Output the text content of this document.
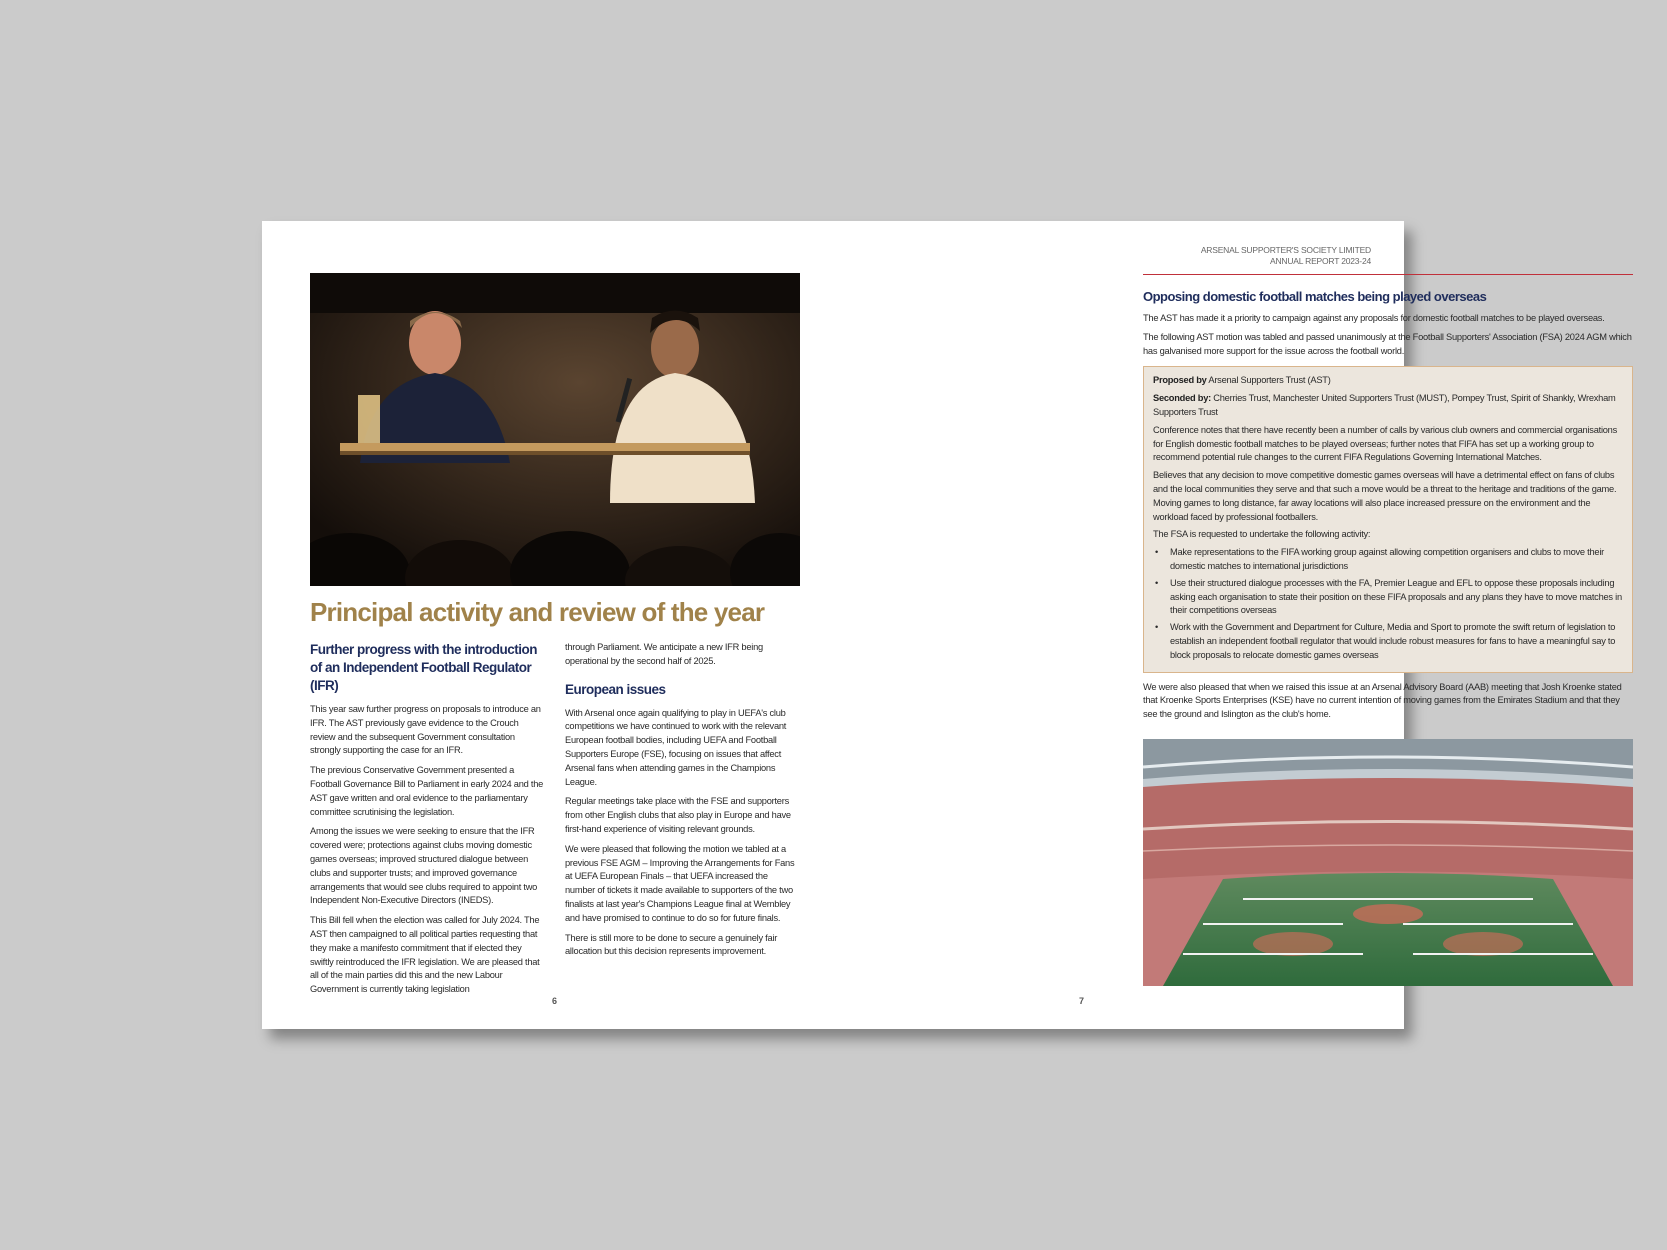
Principal activity and review of the year
Further progress with the introduction of an Independent Football Regulator (IFR)

This year saw further progress on proposals to introduce an IFR. The AST previously gave evidence to the Crouch review and the subsequent Government consultation strongly supporting the case for an IFR.

The previous Conservative Government presented a Football Governance Bill to Parliament in early 2024 and the AST gave written and oral evidence to the parliamentary committee scrutinising the legislation.

Among the issues we were seeking to ensure that the IFR covered were; protections against clubs moving domestic games overseas; improved structured dialogue between clubs and supporter trusts; and improved governance arrangements that would see clubs required to appoint two Independent Non-Executive Directors (INEDS).

This Bill fell when the election was called for July 2024. The AST then campaigned to all political parties requesting that they make a manifesto commitment that if elected they swiftly reintroduced the IFR legislation. We are pleased that all of the main parties did this and the new Labour Government is currently taking legislation

through Parliament. We anticipate a new IFR being operational by the second half of 2025.

European issues

With Arsenal once again qualifying to play in UEFA's club competitions we have continued to work with the relevant European football bodies, including UEFA and Football Supporters Europe (FSE), focusing on issues that affect Arsenal fans when attending games in the Champions League.

Regular meetings take place with the FSE and supporters from other English clubs that also play in Europe and have first-hand experience of visiting relevant grounds.

We were pleased that following the motion we tabled at a previous FSE AGM – Improving the Arrangements for Fans at UEFA European Finals – that UEFA increased the number of tickets it made available to supporters of the two finalists at last year's Champions League final at Wembley and have promised to continue to do so for future finals.

There is still more to be done to secure a genuinely fair allocation but this decision represents improvement.

6
ARSENAL SUPPORTER'S SOCIETY LIMITED
ANNUAL REPORT 2023-24
Opposing domestic football matches being played overseas

The AST has made it a priority to campaign against any proposals for domestic football matches to be played overseas.

The following AST motion was tabled and passed unanimously at the Football Supporters' Association (FSA) 2024 AGM which has galvanised more support for the issue across the football world.

Proposed by Arsenal Supporters Trust (AST)

Seconded by: Cherries Trust, Manchester United Supporters Trust (MUST), Pompey Trust, Spirit of Shankly, Wrexham Supporters Trust

Conference notes that there have recently been a number of calls by various club owners and commercial organisations for English domestic football matches to be played overseas; further notes that FIFA has set up a working group to recommend potential rule changes to the current FIFA Regulations Governing International Matches.

Believes that any decision to move competitive domestic games overseas will have a detrimental effect on fans of clubs and the local communities they serve and that such a move would be a threat to the heritage and traditions of the game. Moving games to long distance, far away locations will also place increased pressure on the environment and the workload faced by professional footballers.

The FSA is requested to undertake the following activity:

• Make representations to the FIFA working group against allowing competition organisers and clubs to move their domestic matches to international jurisdictions
• Use their structured dialogue processes with the FA, Premier League and EFL to oppose these proposals including asking each organisation to state their position on these FIFA proposals and any plans they have to move matches in their competitions overseas
• Work with the Government and Department for Culture, Media and Sport to promote the swift return of legislation to establish an independent football regulator that would include robust measures for fans to have a meaningful say to block proposals to relocate domestic games overseas

We were also pleased that when we raised this issue at an Arsenal Advisory Board (AAB) meeting that Josh Kroenke stated that Kroenke Sports Enterprises (KSE) have no current intention of moving games from the Emirates Stadium and that they see the ground and Islington as the club's home.

7
